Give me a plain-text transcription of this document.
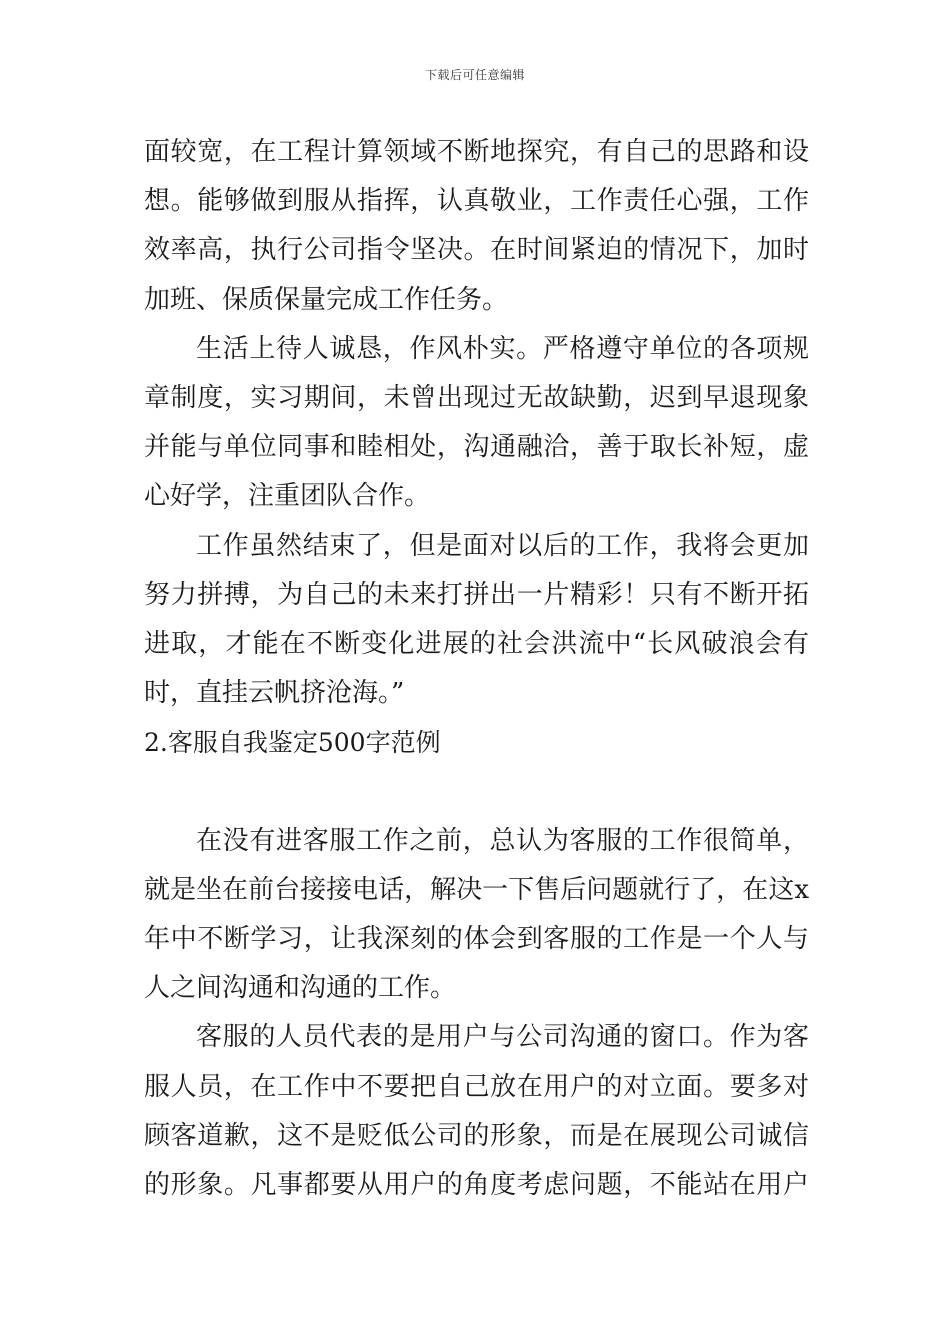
下载后可任意编辑
面较宽，在工程计算领域不断地探究，有自己的思路和设
想。能够做到服从指挥，认真敬业，工作责任心强，工作
效率高，执行公司指令坚决。在时间紧迫的情况下，加时
加班、保质保量完成工作任务。
生活上待人诚恳，作风朴实。严格遵守单位的各项规
章制度，实习期间，未曾出现过无故缺勤，迟到早退现象
并能与单位同事和睦相处，沟通融洽，善于取长补短，虚
心好学，注重团队合作。
工作虽然结束了，但是面对以后的工作，我将会更加
努力拼搏，为自己的未来打拼出一片精彩！只有不断开拓
进取，才能在不断变化进展的社会洪流中“长风破浪会有
时，直挂云帆挤沧海。”
2.客服自我鉴定500字范例
在没有进客服工作之前，总认为客服的工作很简单，
就是坐在前台接接电话，解决一下售后问题就行了，在这x
年中不断学习，让我深刻的体会到客服的工作是一个人与
人之间沟通和沟通的工作。
客服的人员代表的是用户与公司沟通的窗口。作为客
服人员，在工作中不要把自己放在用户的对立面。要多对
顾客道歉，这不是贬低公司的形象，而是在展现公司诚信
的形象。凡事都要从用户的角度考虑问题，不能站在用户
